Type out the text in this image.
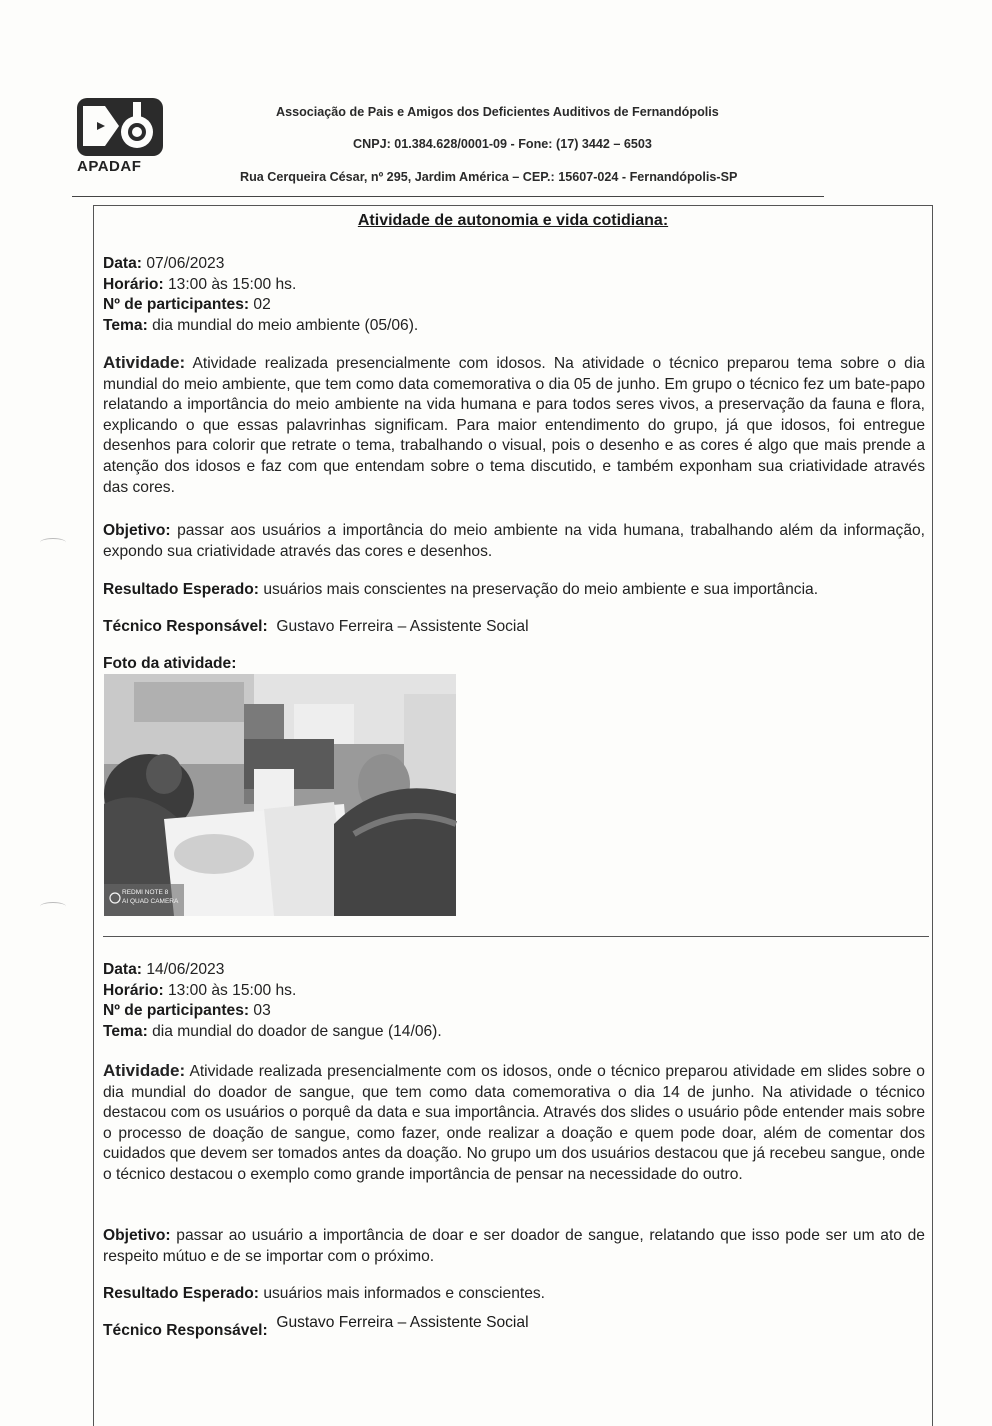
APADAF
Associação de Pais e Amigos dos Deficientes Auditivos de Fernandópolis
CNPJ: 01.384.628/0001-09 - Fone: (17) 3442 – 6503
Rua Cerqueira César, nº 295, Jardim América – CEP.: 15607-024 - Fernandópolis-SP
Atividade de autonomia e vida cotidiana:
Data: 07/06/2023
Horário: 13:00 às 15:00 hs.
Nº de participantes: 02
Tema: dia mundial do meio ambiente (05/06).
Atividade: Atividade realizada presencialmente com idosos. Na atividade o técnico preparou tema sobre o dia mundial do meio ambiente, que tem como data comemorativa o dia 05 de junho. Em grupo o técnico fez um bate-papo relatando a importância do meio ambiente na vida humana e para todos seres vivos, a preservação da fauna e flora, explicando o que essas palavrinhas significam. Para maior entendimento do grupo, já que idosos, foi entregue desenhos para colorir que retrate o tema, trabalhando o visual, pois o desenho e as cores é algo que mais prende a atenção dos idosos e faz com que entendam sobre o tema discutido, e também exponham sua criatividade através das cores.
Objetivo: passar aos usuários a importância do meio ambiente na vida humana, trabalhando além da informação, expondo sua criatividade através das cores e desenhos.
Resultado Esperado: usuários mais conscientes na preservação do meio ambiente e sua importância.
Técnico Responsável: Gustavo Ferreira – Assistente Social
Foto da atividade:
REDMI NOTE 8
AI QUAD CAMERA
Data: 14/06/2023
Horário: 13:00 às 15:00 hs.
Nº de participantes: 03
Tema: dia mundial do doador de sangue (14/06).
Atividade: Atividade realizada presencialmente com os idosos, onde o técnico preparou atividade em slides sobre o dia mundial do doador de sangue, que tem como data comemorativa o dia 14 de junho. Na atividade o técnico destacou com os usuários o porquê da data e sua importância. Através dos slides o usuário pôde entender mais sobre o processo de doação de sangue, como fazer, onde realizar a doação e quem pode doar, além de comentar dos cuidados que devem ser tomados antes da doação. No grupo um dos usuários destacou que já recebeu sangue, onde o técnico destacou o exemplo como grande importância de pensar na necessidade do outro.
Objetivo: passar ao usuário a importância de doar e ser doador de sangue, relatando que isso pode ser um ato de respeito mútuo e de se importar com o próximo.
Resultado Esperado: usuários mais informados e conscientes.
Técnico Responsável: Gustavo Ferreira – Assistente Social
